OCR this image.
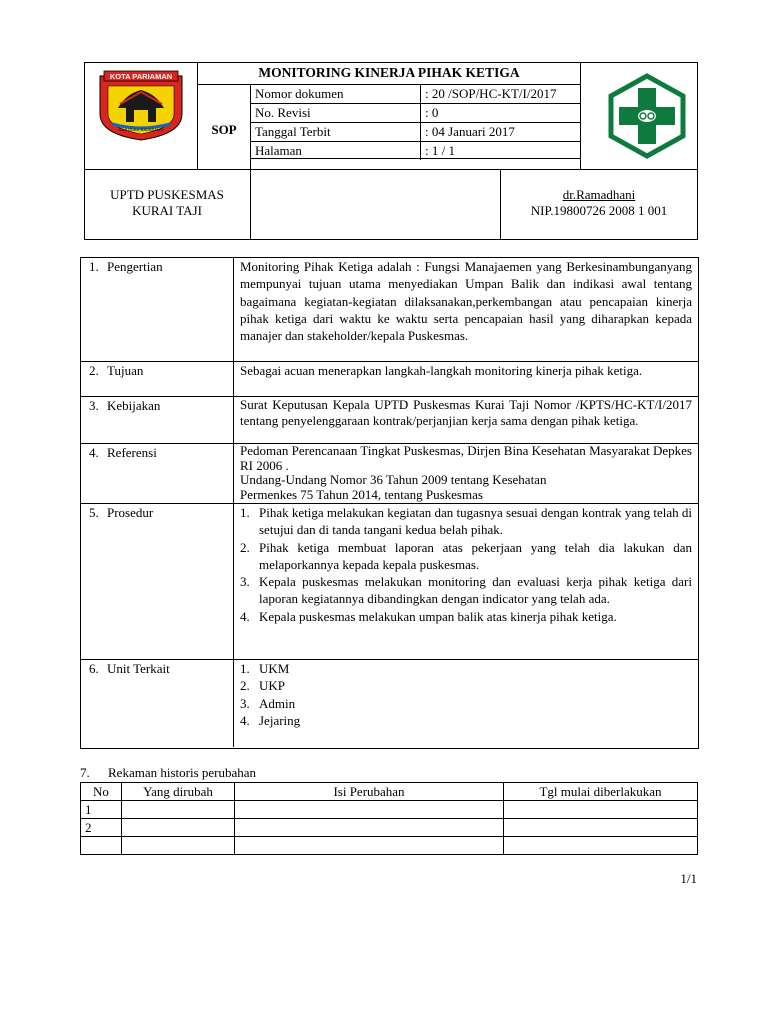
KOTA PARIAMAN
SAJI DUAN BADASAMO
MONITORING KINERJA PIHAK KETIGA
SOP
Nomor dokumen	: 20 /SOP/HC-KT/I/2017
No. Revisi	: 0
Tanggal Terbit	: 04 Januari 2017
Halaman	: 1 / 1
UPTD PUSKESMAS
KURAI TAJI
dr.Ramadhani
NIP.19800726 2008 1 001
1. Pengertian	Monitoring Pihak Ketiga adalah : Fungsi Manajaemen yang Berkesinambunganyang mempunyai tujuan utama menyediakan Umpan Balik dan indikasi awal tentang bagaimana kegiatan-kegiatan dilaksanakan,perkembangan atau pencapaian kinerja pihak ketiga dari waktu ke waktu serta pencapaian hasil yang diharapkan kepada manajer dan stakeholder/kepala Puskesmas.
2. Tujuan	Sebagai acuan menerapkan langkah-langkah monitoring kinerja pihak ketiga.
3. Kebijakan	Surat Keputusan Kepala UPTD Puskesmas Kurai Taji Nomor /KPTS/HC-KT/I/2017 tentang penyelenggaraan kontrak/perjanjian kerja sama dengan pihak ketiga.
4. Referensi	Pedoman Perencanaan Tingkat Puskesmas, Dirjen Bina Kesehatan Masyarakat Depkes RI 2006 .
Undang-Undang Nomor 36 Tahun 2009 tentang Kesehatan
Permenkes 75 Tahun 2014, tentang Puskesmas
5. Prosedur	1. Pihak ketiga melakukan kegiatan dan tugasnya sesuai dengan kontrak yang telah di setujui dan di tanda tangani kedua belah pihak.
2. Pihak ketiga membuat laporan atas pekerjaan yang telah dia lakukan dan melaporkannya kepada kepala puskesmas.
3. Kepala puskesmas melakukan monitoring dan evaluasi kerja pihak ketiga dari laporan kegiatannya dibandingkan dengan indicator yang telah ada.
4. Kepala puskesmas melakukan umpan balik atas kinerja pihak ketiga.
6. Unit Terkait	1. UKM
2. UKP
3. Admin
4. Jejaring
7. Rekaman historis perubahan
No	Yang dirubah	Isi Perubahan	Tgl mulai diberlakukan
1			
2			

1/1
